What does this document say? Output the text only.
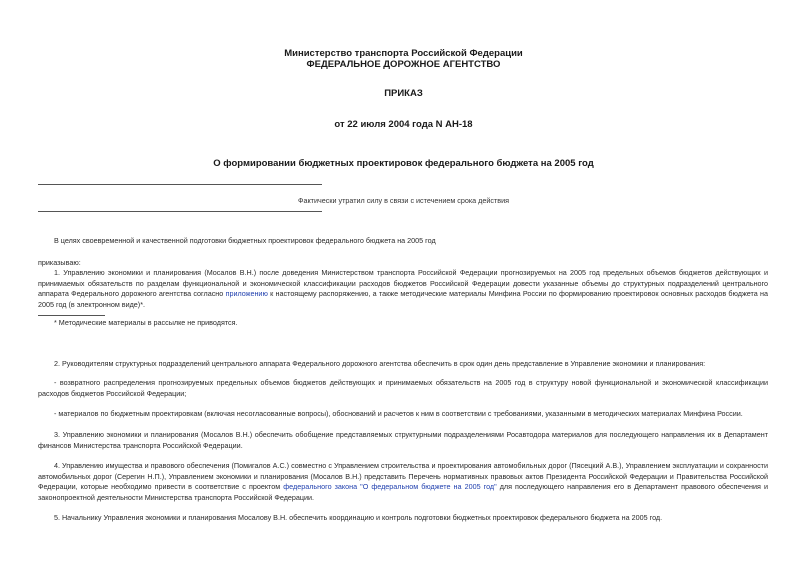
Министерство транспорта Российской Федерации
ФЕДЕРАЛЬНОЕ ДОРОЖНОЕ АГЕНТСТВО
ПРИКАЗ
от 22 июля 2004 года N АН-18
О формировании бюджетных проектировок федерального бюджета на 2005 год
Фактически утратил силу в связи с истечением срока действия
В целях своевременной и качественной подготовки бюджетных проектировок федерального бюджета на 2005 год
приказываю:
1. Управлению экономики и планирования (Мосалов В.Н.) после доведения Министерством транспорта Российской Федерации прогнозируемых на 2005 год предельных объемов бюджетов действующих и принимаемых обязательств по разделам функциональной и экономической классификации расходов бюджетов Российской Федерации довести указанные объемы до структурных подразделений центрального аппарата Федерального дорожного агентства согласно приложению к настоящему распоряжению, а также методические материалы Минфина России по формированию проектировок основных расходов бюджета на 2005 год (в электронном виде)*.
* Методические материалы в рассылке не приводятся.
2. Руководителям структурных подразделений центрального аппарата Федерального дорожного агентства обеспечить в срок один день представление в Управление экономики и планирования:
- возвратного распределения прогнозируемых предельных объемов бюджетов действующих и принимаемых обязательств на 2005 год в структуру новой функциональной и экономической классификации расходов бюджетов Российской Федерации;
- материалов по бюджетным проектировкам (включая несогласованные вопросы), обоснований и расчетов к ним в соответствии с требованиями, указанными в методических материалах Минфина России.
3. Управлению экономики и планирования (Мосалов В.Н.) обеспечить обобщение представляемых структурными подразделениями Росавтодора материалов для последующего направления их в Департамент финансов Министерства транспорта Российской Федерации.
4. Управлению имущества и правового обеспечения (Помигалов А.С.) совместно с Управлением строительства и проектирования автомобильных дорог (Пясецкий А.В.), Управлением эксплуатации и сохранности автомобильных дорог (Серегин Н.П.), Управлением экономики и планирования (Мосалов В.Н.) представить Перечень нормативных правовых актов Президента Российской Федерации и Правительства Российской Федерации, которые необходимо привести в соответствие с проектом федерального закона "О федеральном бюджете на 2005 год" для последующего направления его в Департамент правового обеспечения и законопроектной деятельности Министерства транспорта Российской Федерации.
5. Начальнику Управления экономики и планирования Мосалову В.Н. обеспечить координацию и контроль подготовки бюджетных проектировок федерального бюджета на 2005 год.
